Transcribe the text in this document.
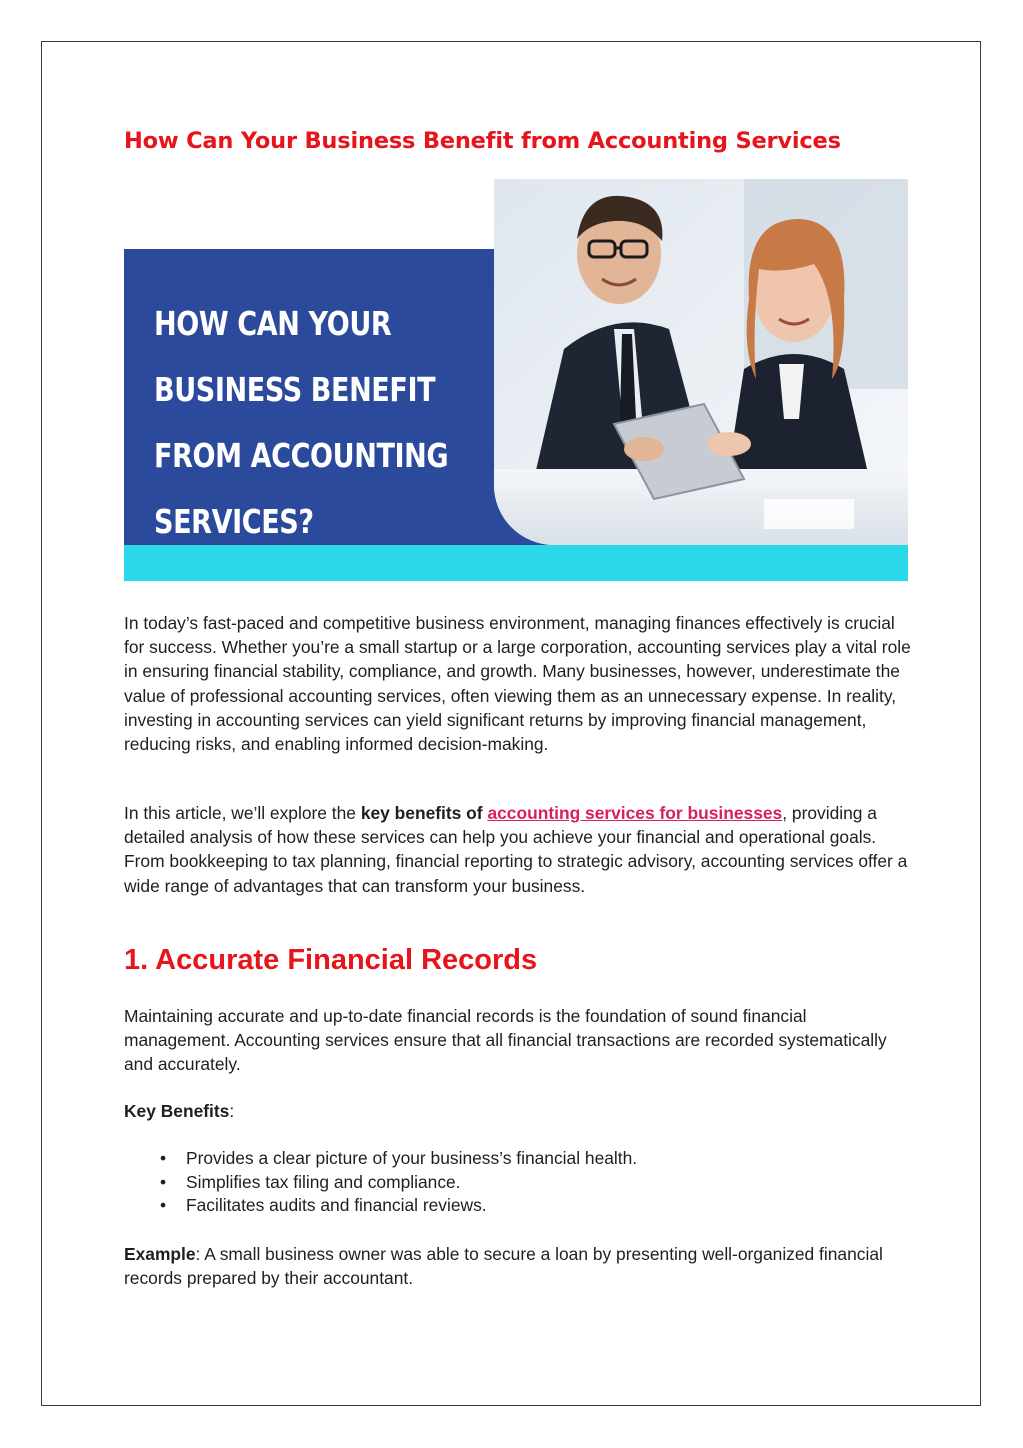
How Can Your Business Benefit from Accounting Services
HOW CAN YOUR
BUSINESS BENEFIT
FROM ACCOUNTING
SERVICES?

In today’s fast-paced and competitive business environment, managing finances effectively is crucial for success. Whether you’re a small startup or a large corporation, accounting services play a vital role in ensuring financial stability, compliance, and growth. Many businesses, however, underestimate the value of professional accounting services, often viewing them as an unnecessary expense. In reality, investing in accounting services can yield significant returns by improving financial management, reducing risks, and enabling informed decision-making.

In this article, we’ll explore the key benefits of accounting services for businesses, providing a detailed analysis of how these services can help you achieve your financial and operational goals. From bookkeeping to tax planning, financial reporting to strategic advisory, accounting services offer a wide range of advantages that can transform your business.

1. Accurate Financial Records

Maintaining accurate and up-to-date financial records is the foundation of sound financial management. Accounting services ensure that all financial transactions are recorded systematically and accurately.

Key Benefits:

• Provides a clear picture of your business’s financial health.
• Simplifies tax filing and compliance.
• Facilitates audits and financial reviews.

Example: A small business owner was able to secure a loan by presenting well-organized financial records prepared by their accountant.
